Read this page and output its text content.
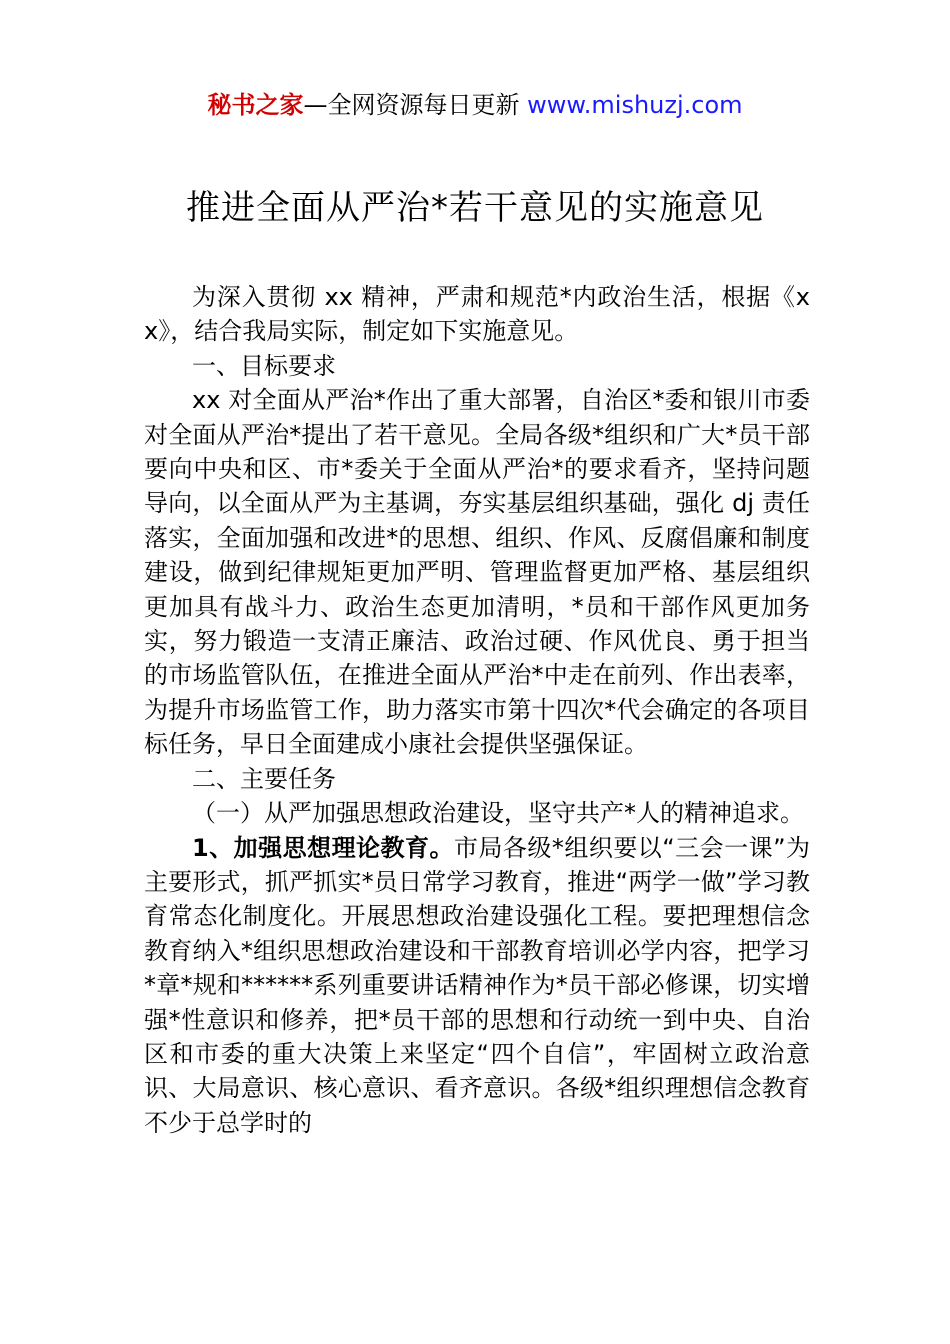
秘书之家—全网资源每日更新 www.mishuzj.com
推进全面从严治*若干意见的实施意见

为深入贯彻 xx 精神，严肃和规范*内政治生活，根据《xx》，结合我局实际，制定如下实施意见。

一、目标要求

xx 对全面从严治*作出了重大部署，自治区*委和银川市委对全面从严治*提出了若干意见。全局各级*组织和广大*员干部要向中央和区、市*委关于全面从严治*的要求看齐，坚持问题导向，以全面从严为主基调，夯实基层组织基础，强化 dj 责任落实，全面加强和改进*的思想、组织、作风、反腐倡廉和制度建设，做到纪律规矩更加严明、管理监督更加严格、基层组织更加具有战斗力、政治生态更加清明，*员和干部作风更加务实，努力锻造一支清正廉洁、政治过硬、作风优良、勇于担当的市场监管队伍，在推进全面从严治*中走在前列、作出表率，为提升市场监管工作，助力落实市第十四次*代会确定的各项目标任务，早日全面建成小康社会提供坚强保证。

二、主要任务

（一）从严加强思想政治建设，坚守共产*人的精神追求。

1、加强思想理论教育。市局各级*组织要以“三会一课”为主要形式，抓严抓实*员日常学习教育，推进“两学一做”学习教育常态化制度化。开展思想政治建设强化工程。要把理想信念教育纳入*组织思想政治建设和干部教育培训必学内容，把学习*章*规和******系列重要讲话精神作为*员干部必修课，切实增强*性意识和修养，把*员干部的思想和行动统一到中央、自治区和市委的重大决策上来坚定“四个自信”，牢固树立政治意识、大局意识、核心意识、看齐意识。各级*组织理想信念教育不少于总学时的
